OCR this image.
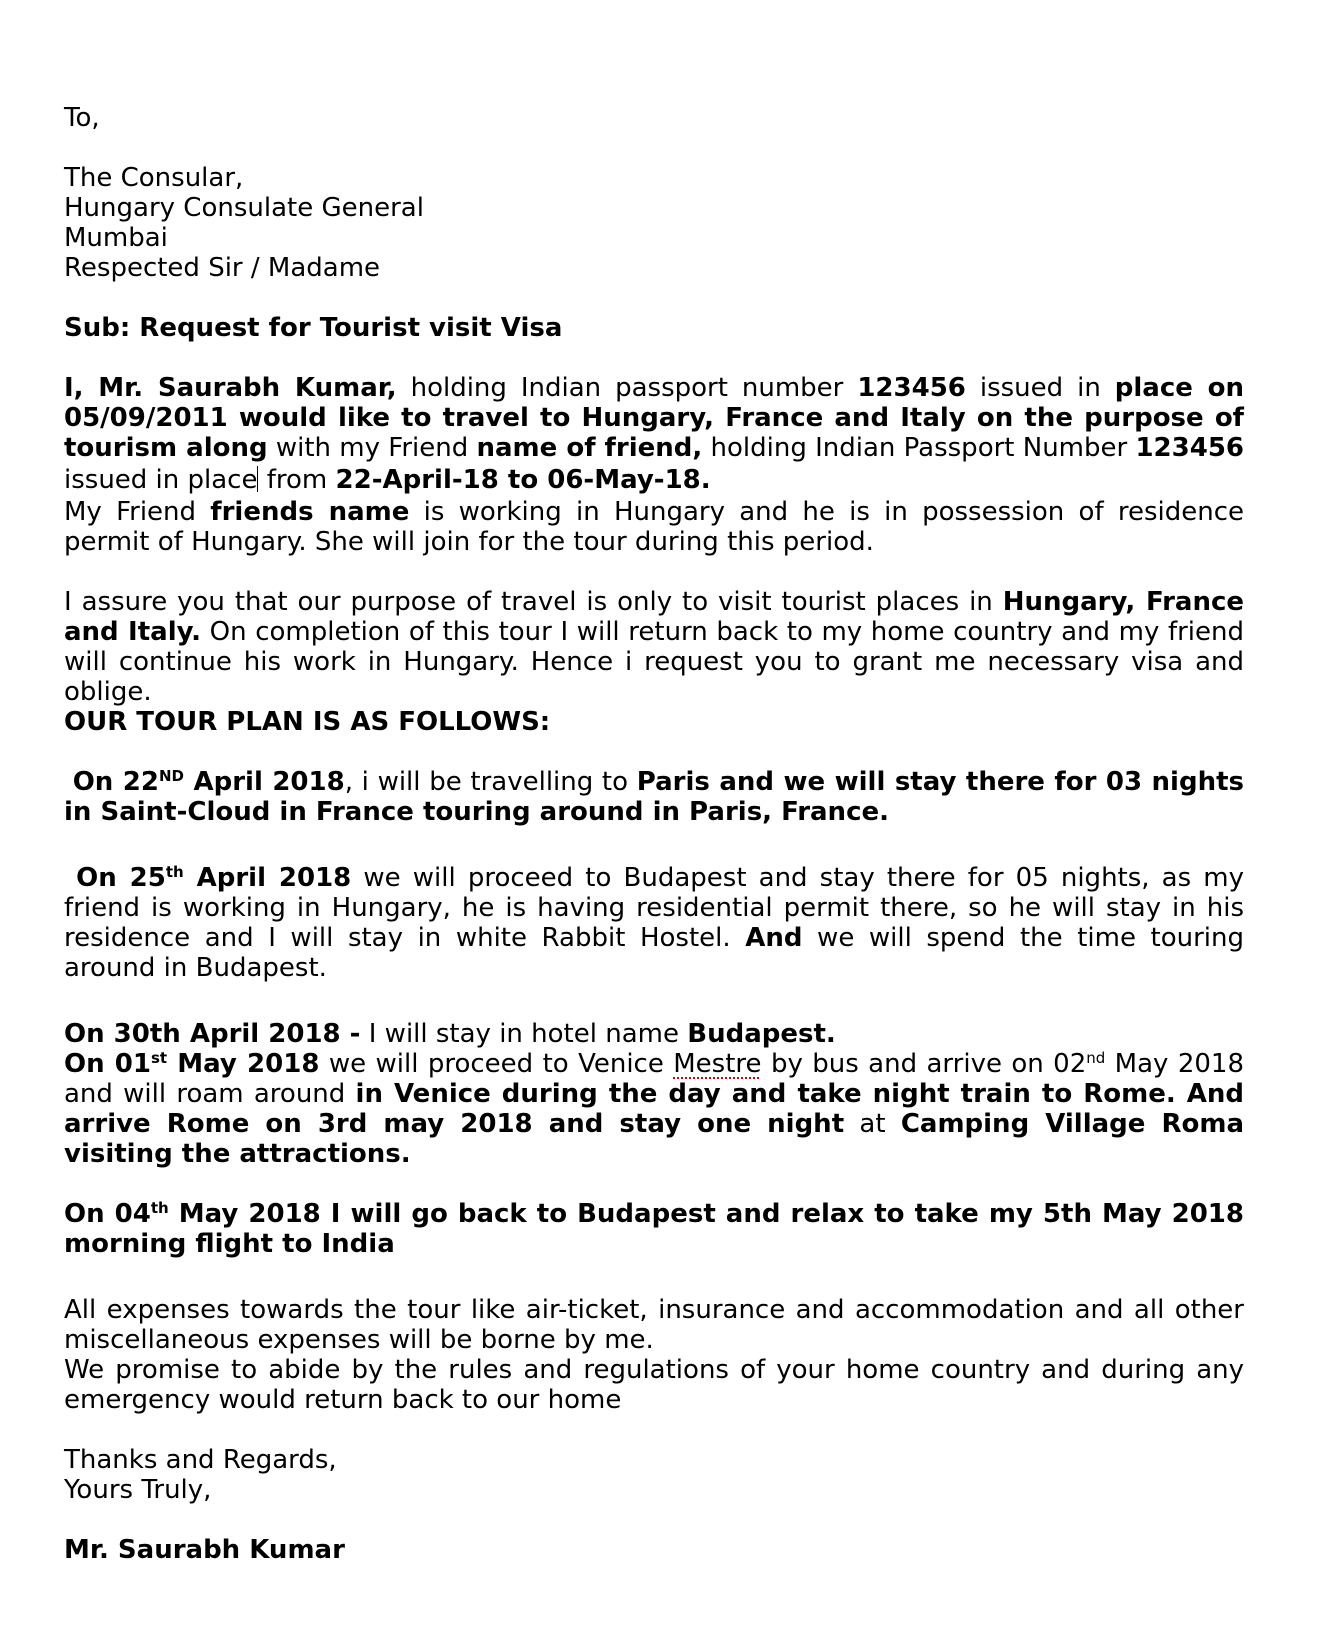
To,

The Consular,

Hungary Consulate General

Mumbai

Respected Sir / Madame

Sub: Request for Tourist visit Visa

I, Mr. Saurabh Kumar, holding Indian passport number 123456 issued in place on 05/09/2011 would like to travel to Hungary, France and Italy on the purpose of tourism along with my Friend name of friend, holding Indian Passport Number 123456 issued in place from 22-April-18 to 06-May-18.

My Friend friends name is working in Hungary and he is in possession of residence permit of Hungary. She will join for the tour during this period.

I assure you that our purpose of travel is only to visit tourist places in Hungary, France and Italy. On completion of this tour I will return back to my home country and my friend will continue his work in Hungary. Hence i request you to grant me necessary visa and oblige.

OUR TOUR PLAN IS AS FOLLOWS:

On 22ND April 2018, i will be travelling to Paris and we will stay there for 03 nights in Saint-Cloud in France touring around in Paris, France.

On 25th April 2018 we will proceed to Budapest and stay there for 05 nights, as my friend is working in Hungary, he is having residential permit there, so he will stay in his residence and I will stay in white Rabbit Hostel. And we will spend the time touring around in Budapest.

On 30th April 2018 - I will stay in hotel name Budapest.

On 01st May 2018 we will proceed to Venice Mestre by bus and arrive on 02nd May 2018 and will roam around in Venice during the day and take night train to Rome. And arrive Rome on 3rd may 2018 and stay one night at Camping Village Roma visiting the attractions.

On 04th May 2018 I will go back to Budapest and relax to take my 5th May 2018 morning flight to India

All expenses towards the tour like air-ticket, insurance and accommodation and all other miscellaneous expenses will be borne by me.

We promise to abide by the rules and regulations of your home country and during any emergency would return back to our home

Thanks and Regards,

Yours Truly,

Mr. Saurabh Kumar
